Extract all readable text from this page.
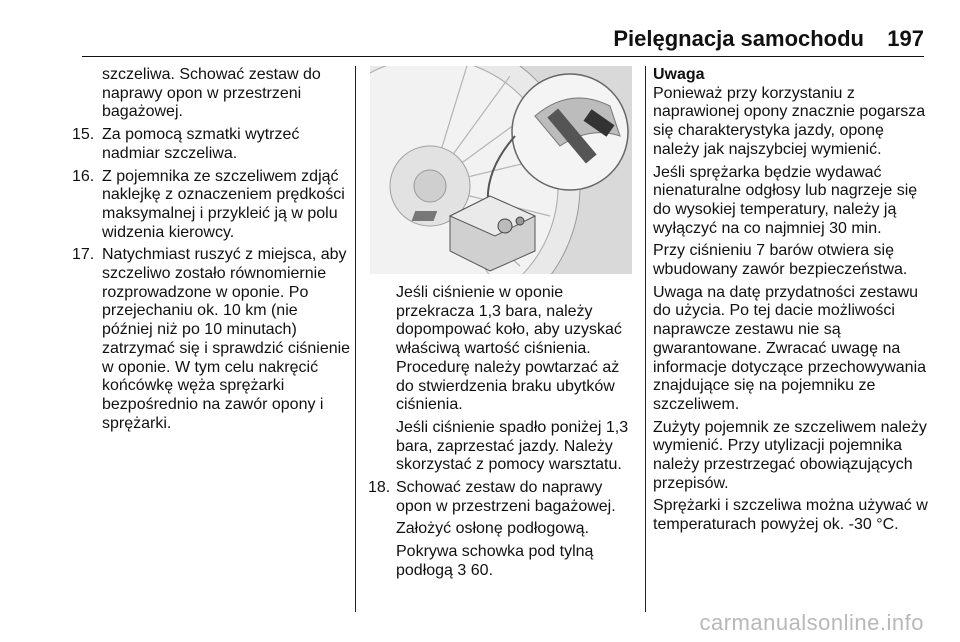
Pielęgnacja samochodu 197

szczeliwa. Schować zestaw do naprawy opon w przestrzeni bagażowej.

15. Za pomocą szmatki wytrzeć nadmiar szczeliwa.

16. Z pojemnika ze szczeliwem zdjąć naklejkę z oznaczeniem prędkości maksymalnej i przykleić ją w polu widzenia kierowcy.

17. Natychmiast ruszyć z miejsca, aby szczeliwo zostało równomiernie rozprowadzone w oponie. Po przejechaniu ok. 10 km (nie później niż po 10 minutach) zatrzymać się i sprawdzić ciśnienie w oponie. W tym celu nakręcić końcówkę węża sprężarki bezpośrednio na zawór opony i sprężarki.

Jeśli ciśnienie w oponie przekracza 1,3 bara, należy dopompować koło, aby uzyskać właściwą wartość ciśnienia. Procedurę należy powtarzać aż do stwierdzenia braku ubytków ciśnienia.

Jeśli ciśnienie spadło poniżej 1,3 bara, zaprzestać jazdy. Należy skorzystać z pomocy warsztatu.

18. Schować zestaw do naprawy opon w przestrzeni bagażowej.

Założyć osłonę podłogową.

Pokrywa schowka pod tylną podłogą 3 60.

Uwaga

Ponieważ przy korzystaniu z naprawionej opony znacznie pogarsza się charakterystyka jazdy, oponę należy jak najszybciej wymienić.

Jeśli sprężarka będzie wydawać nienaturalne odgłosy lub nagrzeje się do wysokiej temperatury, należy ją wyłączyć na co najmniej 30 min.

Przy ciśnieniu 7 barów otwiera się wbudowany zawór bezpieczeństwa.

Uwaga na datę przydatności zestawu do użycia. Po tej dacie możliwości naprawcze zestawu nie są gwarantowane. Zwracać uwagę na informacje dotyczące przechowywania znajdujące się na pojemniku ze szczeliwem.

Zużyty pojemnik ze szczeliwem należy wymienić. Przy utylizacji pojemnika należy przestrzegać obowiązujących przepisów.

Sprężarki i szczeliwa można używać w temperaturach powyżej ok. -30 °C.

carmanualsonline.info
